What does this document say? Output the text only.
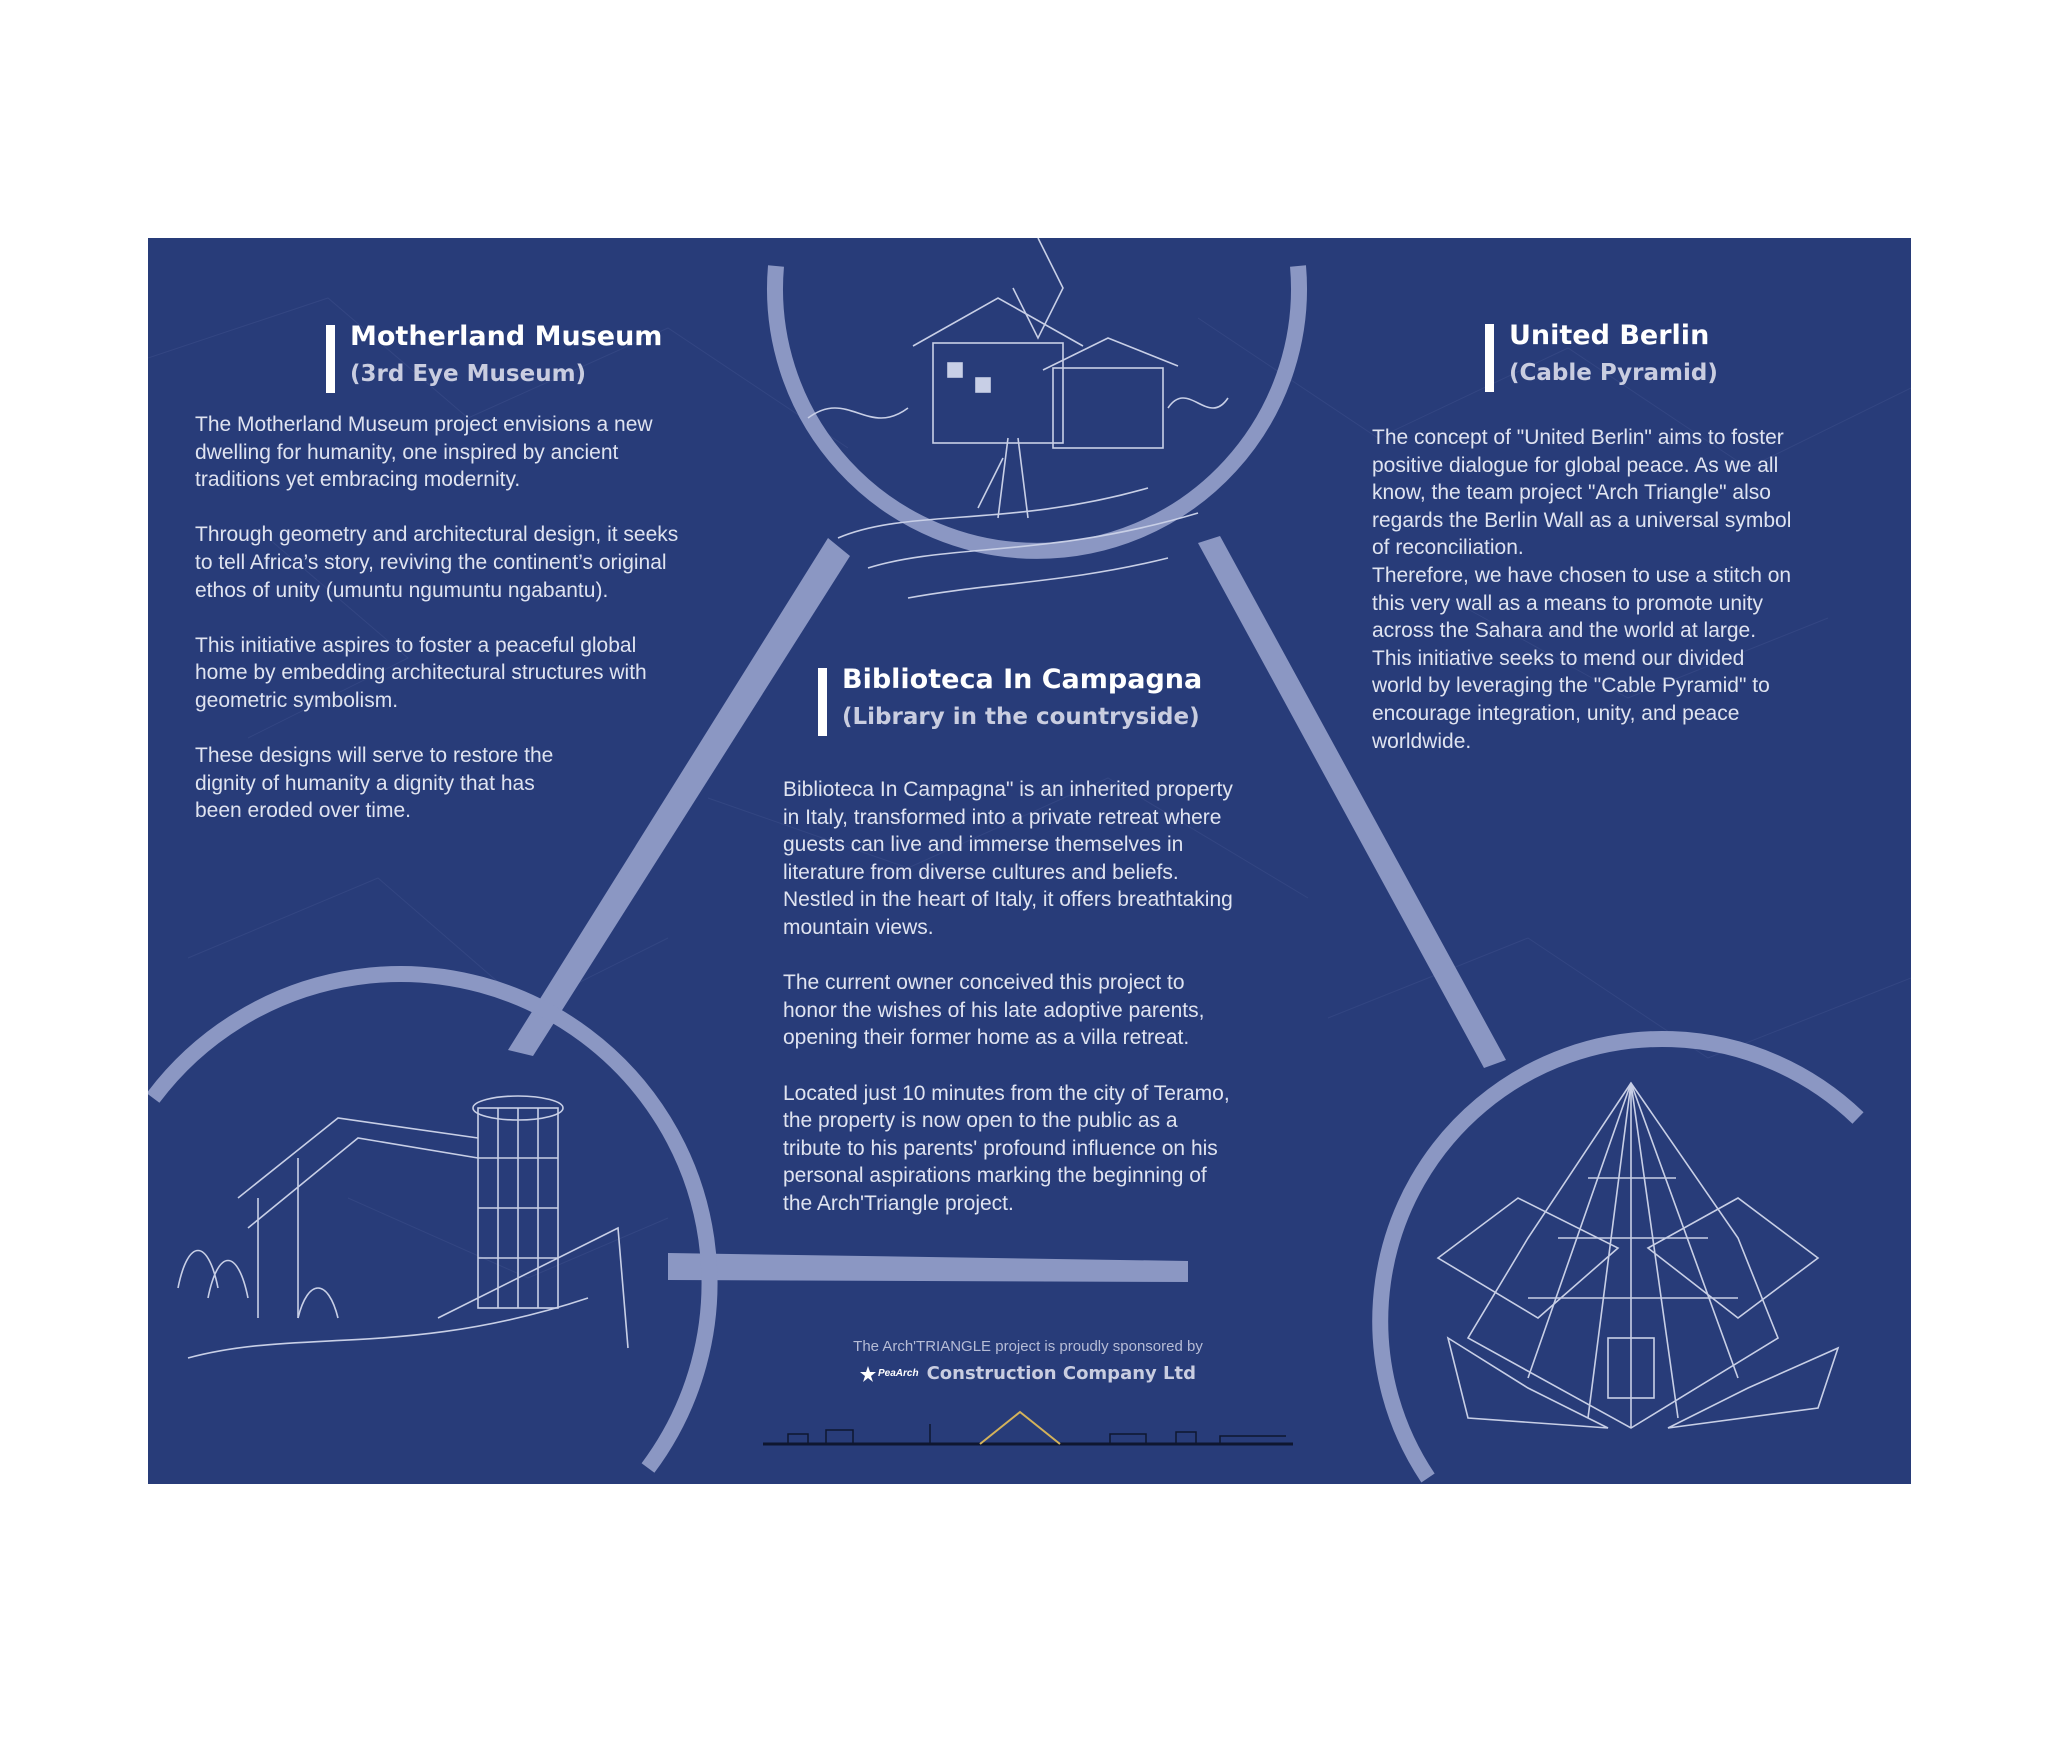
Motherland Museum
(3rd Eye Museum)

The Motherland Museum project envisions a new
dwelling for humanity, one inspired by ancient
traditions yet embracing modernity.

Through geometry and architectural design, it seeks
to tell Africa’s story, reviving the continent’s original
ethos of unity (umuntu ngumuntu ngabantu).

This initiative aspires to foster a peaceful global
home by embedding architectural structures with
geometric symbolism.

These designs will serve to restore the
dignity of humanity a dignity that has
been eroded over time.

Biblioteca In Campagna
(Library in the countryside)

Biblioteca In Campagna" is an inherited property
in Italy, transformed into a private retreat where
guests can live and immerse themselves in
literature from diverse cultures and beliefs.
Nestled in the heart of Italy, it offers breathtaking
mountain views.

The current owner conceived this project to
honor the wishes of his late adoptive parents,
opening their former home as a villa retreat.

Located just 10 minutes from the city of Teramo,
the property is now open to the public as a
tribute to his parents' profound influence on his
personal aspirations marking the beginning of
the Arch'Triangle project.

United Berlin
(Cable Pyramid)

The concept of "United Berlin" aims to foster
positive dialogue for global peace. As we all
know, the team project "Arch Triangle" also
regards the Berlin Wall as a universal symbol
of reconciliation.
Therefore, we have chosen to use a stitch on
this very wall as a means to promote unity
across the Sahara and the world at large.
This initiative seeks to mend our divided
world by leveraging the "Cable Pyramid" to
encourage integration, unity, and peace
worldwide.

The Arch'TRIANGLE project is proudly sponsored by
PeaArch Construction Company Ltd
